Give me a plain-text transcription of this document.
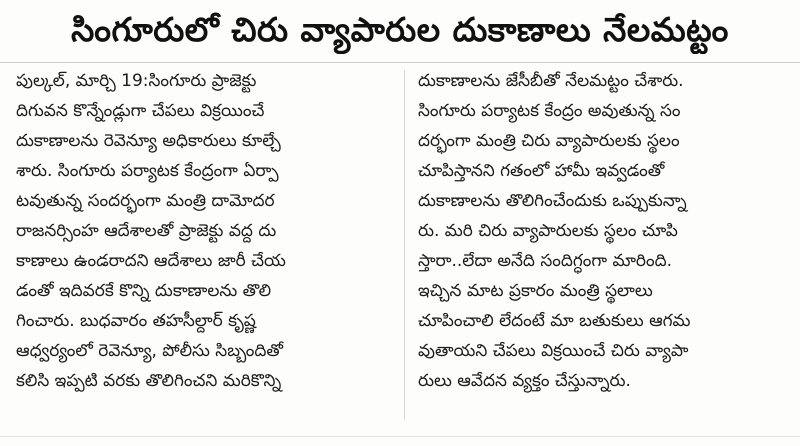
సింగూరులో చిరు వ్యాపారుల దుకాణాలు నేలమట్టం
పుల్కల్, మార్చి 19:సింగూరు ప్రాజెక్టు
దిగువన కొన్నేండ్లుగా చేపలు విక్రయించే
దుకాణాలను రెవెన్యూ అధికారులు కూల్చే
శారు. సింగూరు పర్యాటక కేంద్రంగా ఏర్పా
టవుతున్న సందర్భంగా మంత్రి దామోదర
రాజనర్సింహ ఆదేశాలతో ప్రాజెక్టు వద్ద దు
కాణాలు ఉండరాదని ఆదేశాలు జారీ చేయ
డంతో ఇదివరకే కొన్ని దుకాణాలను తొలి
గించారు. బుధవారం తహసీల్దార్ కృష్ణ
ఆధ్వర్యంలో రెవెన్యూ, పోలీసు సిబ్బందితో
కలిసి ఇప్పటి వరకు తొలిగించని మరికొన్ని
దుకాణాలను జేసీబీతో నేలమట్టం చేశారు.
సింగూరు పర్యాటక కేంద్రం అవుతున్న సం
దర్భంగా మంత్రి చిరు వ్యాపారులకు స్థలం
చూపిస్తానని గతంలో హామీ ఇవ్వడంతో
దుకాణాలను తొలిగించేందుకు ఒప్పుకున్నా
రు. మరి చిరు వ్యాపారులకు స్థలం చూపి
స్తారా..లేదా అనేది సందిగ్ధంగా మారింది.
ఇచ్చిన మాట ప్రకారం మంత్రి స్థలాలు
చూపించాలి లేదంటే మా బతుకులు ఆగమ
వుతాయని చేపలు విక్రయించే చిరు వ్యాపా
రులు ఆవేదన వ్యక్తం చేస్తున్నారు.
